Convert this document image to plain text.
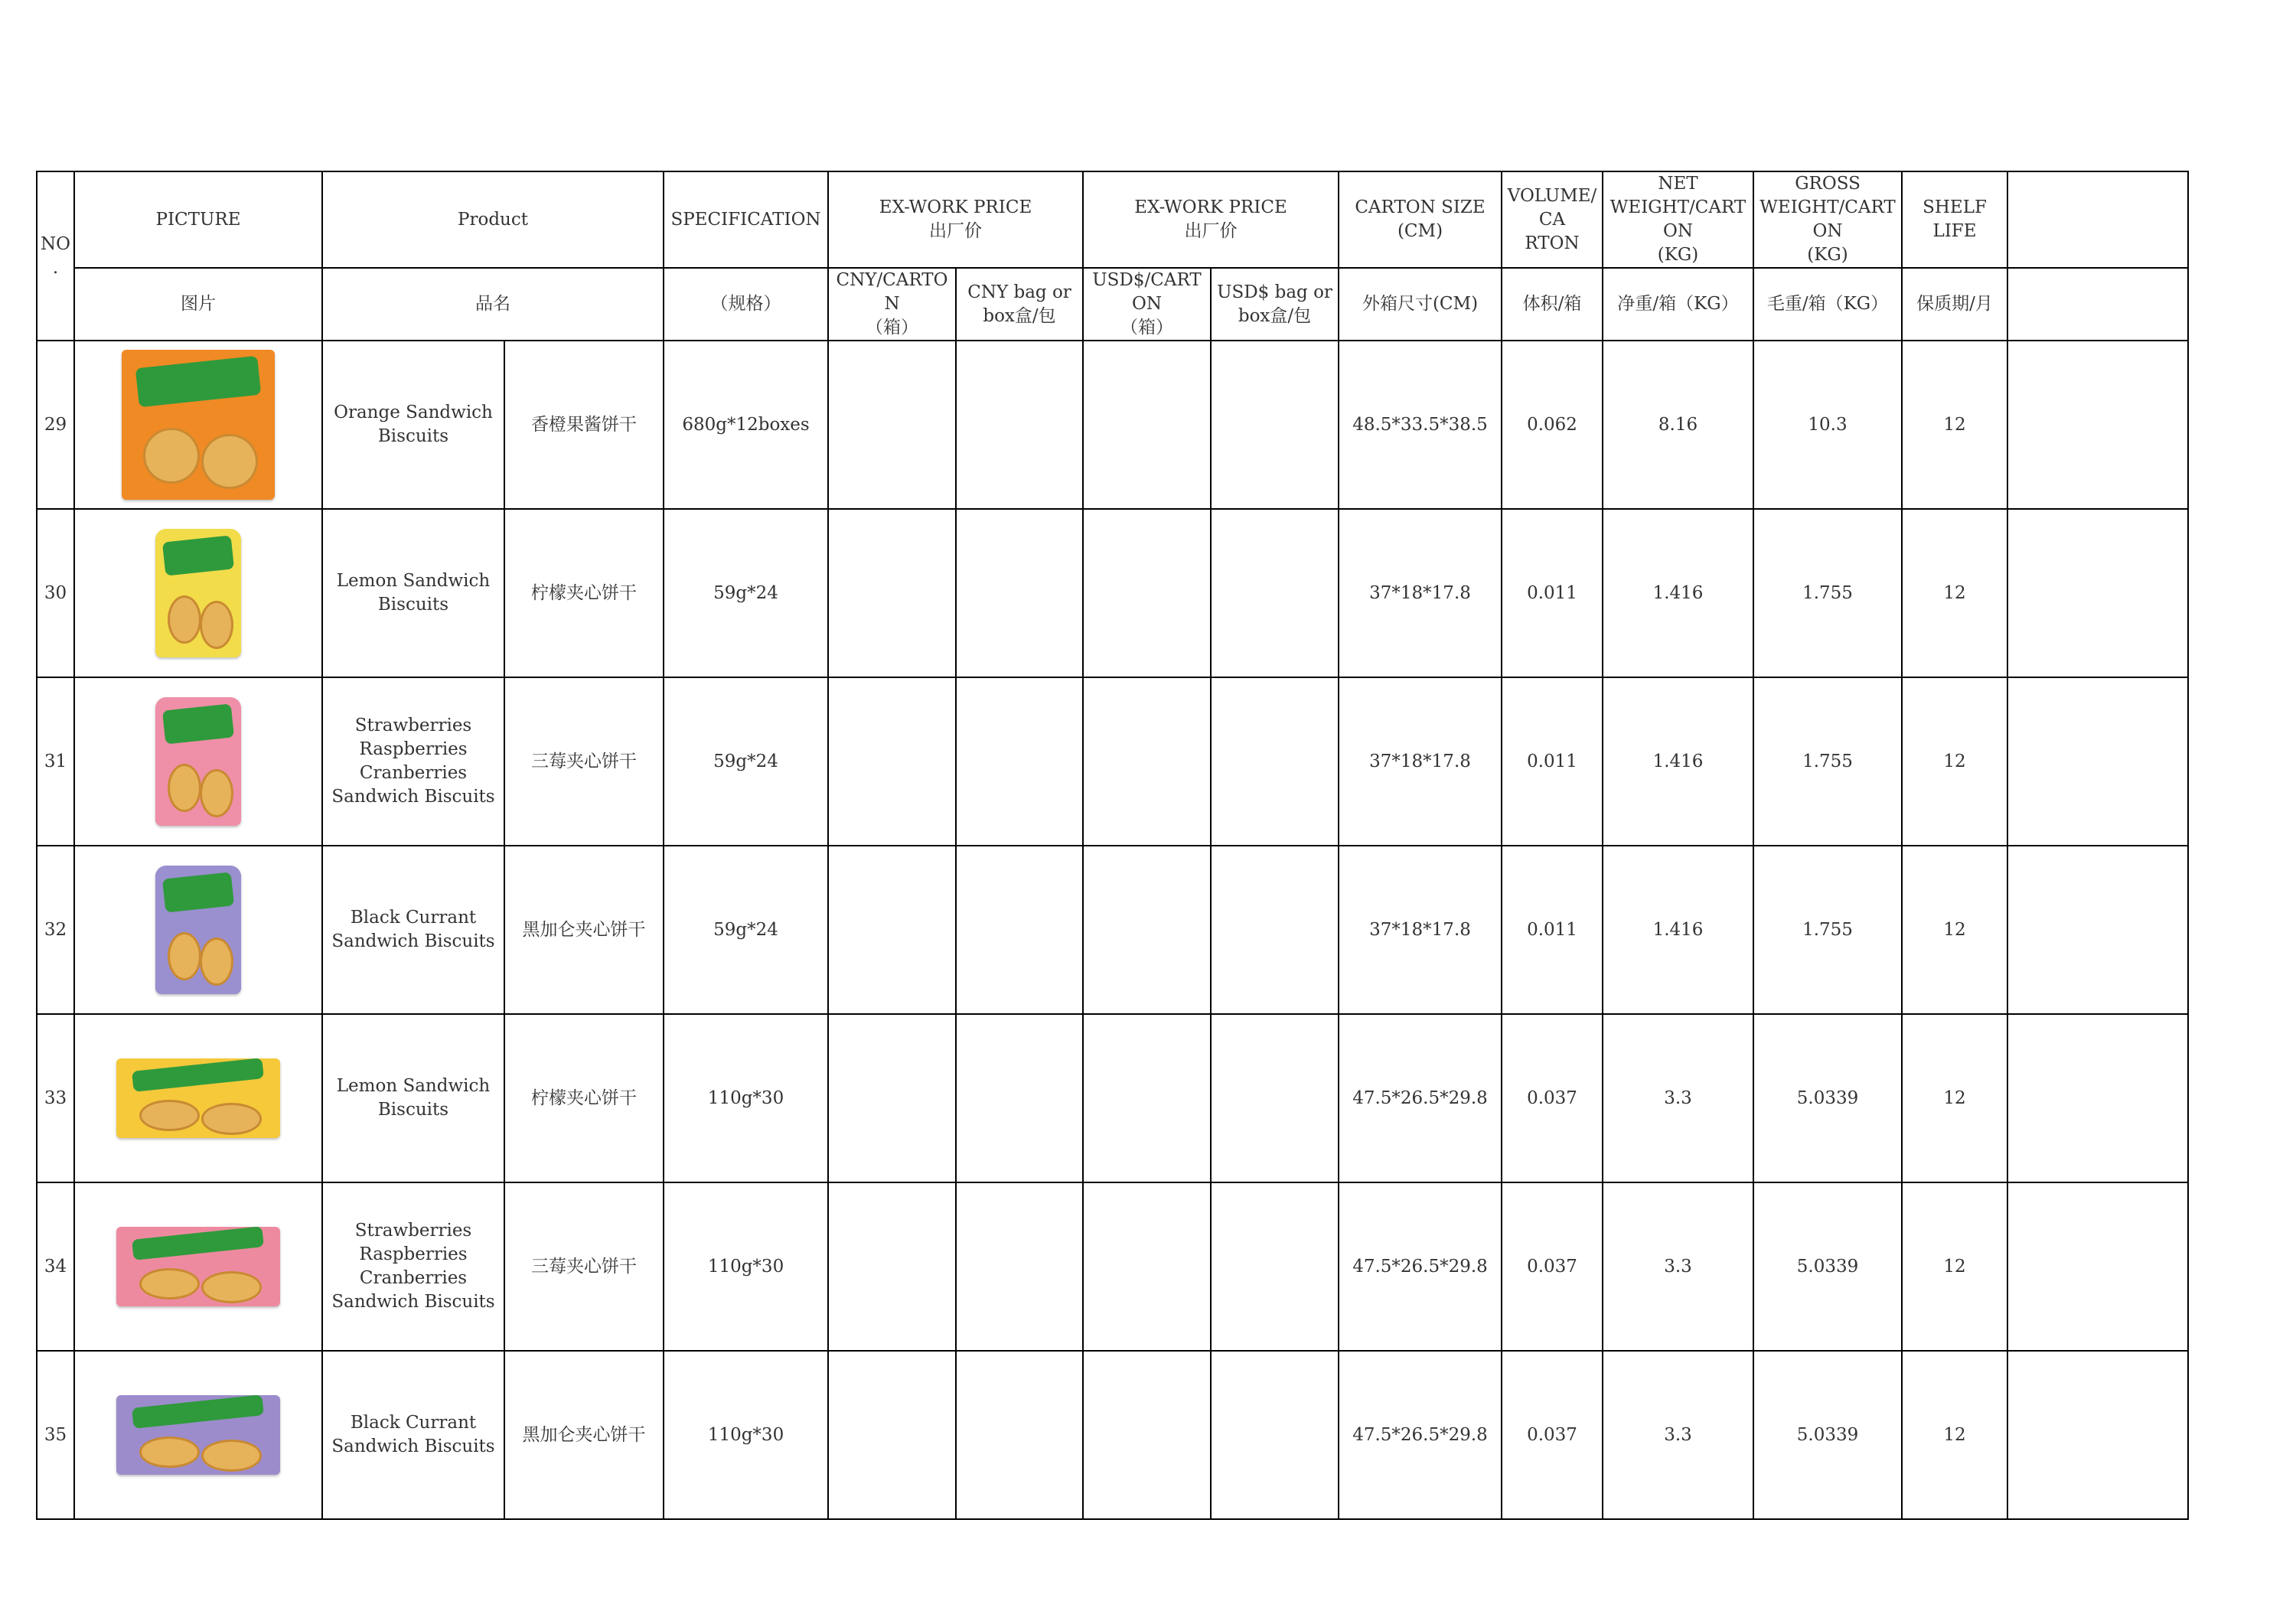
NO.	PICTURE	Product		SPECIFICATION	EX-WORK PRICE
出厂价		EX-WORK PRICE
出厂价		CARTON SIZE
(CM)	VOLUME/CA
RTON	NET
WEIGHT/CARTON
(KG)	GROSS
WEIGHT/CARTON
(KG)	SHELF
LIFE	
	图片	品名		（规格）	CNY/CARTON
（箱）	CNY bag or
box盒/包	USD$/CARTON
（箱）	USD$ bag or
box盒/包	外箱尺寸(CM)	体积/箱	净重/箱（KG）	毛重/箱（KG）	保质期/月	
29		Orange Sandwich
Biscuits	香橙果酱饼干	680g*12boxes					48.5*33.5*38.5	0.062	8.16	10.3	12	
30		Lemon Sandwich
Biscuits	柠檬夹心饼干	59g*24					37*18*17.8	0.011	1.416	1.755	12	
31		Strawberries
Raspberries
Cranberries
Sandwich Biscuits	三莓夹心饼干	59g*24					37*18*17.8	0.011	1.416	1.755	12	
32		Black Currant
Sandwich Biscuits	黑加仑夹心饼干	59g*24					37*18*17.8	0.011	1.416	1.755	12	
33		Lemon Sandwich
Biscuits	柠檬夹心饼干	110g*30					47.5*26.5*29.8	0.037	3.3	5.0339	12	
34		Strawberries
Raspberries
Cranberries
Sandwich Biscuits	三莓夹心饼干	110g*30					47.5*26.5*29.8	0.037	3.3	5.0339	12	
35		Black Currant
Sandwich Biscuits	黑加仑夹心饼干	110g*30					47.5*26.5*29.8	0.037	3.3	5.0339	12	
